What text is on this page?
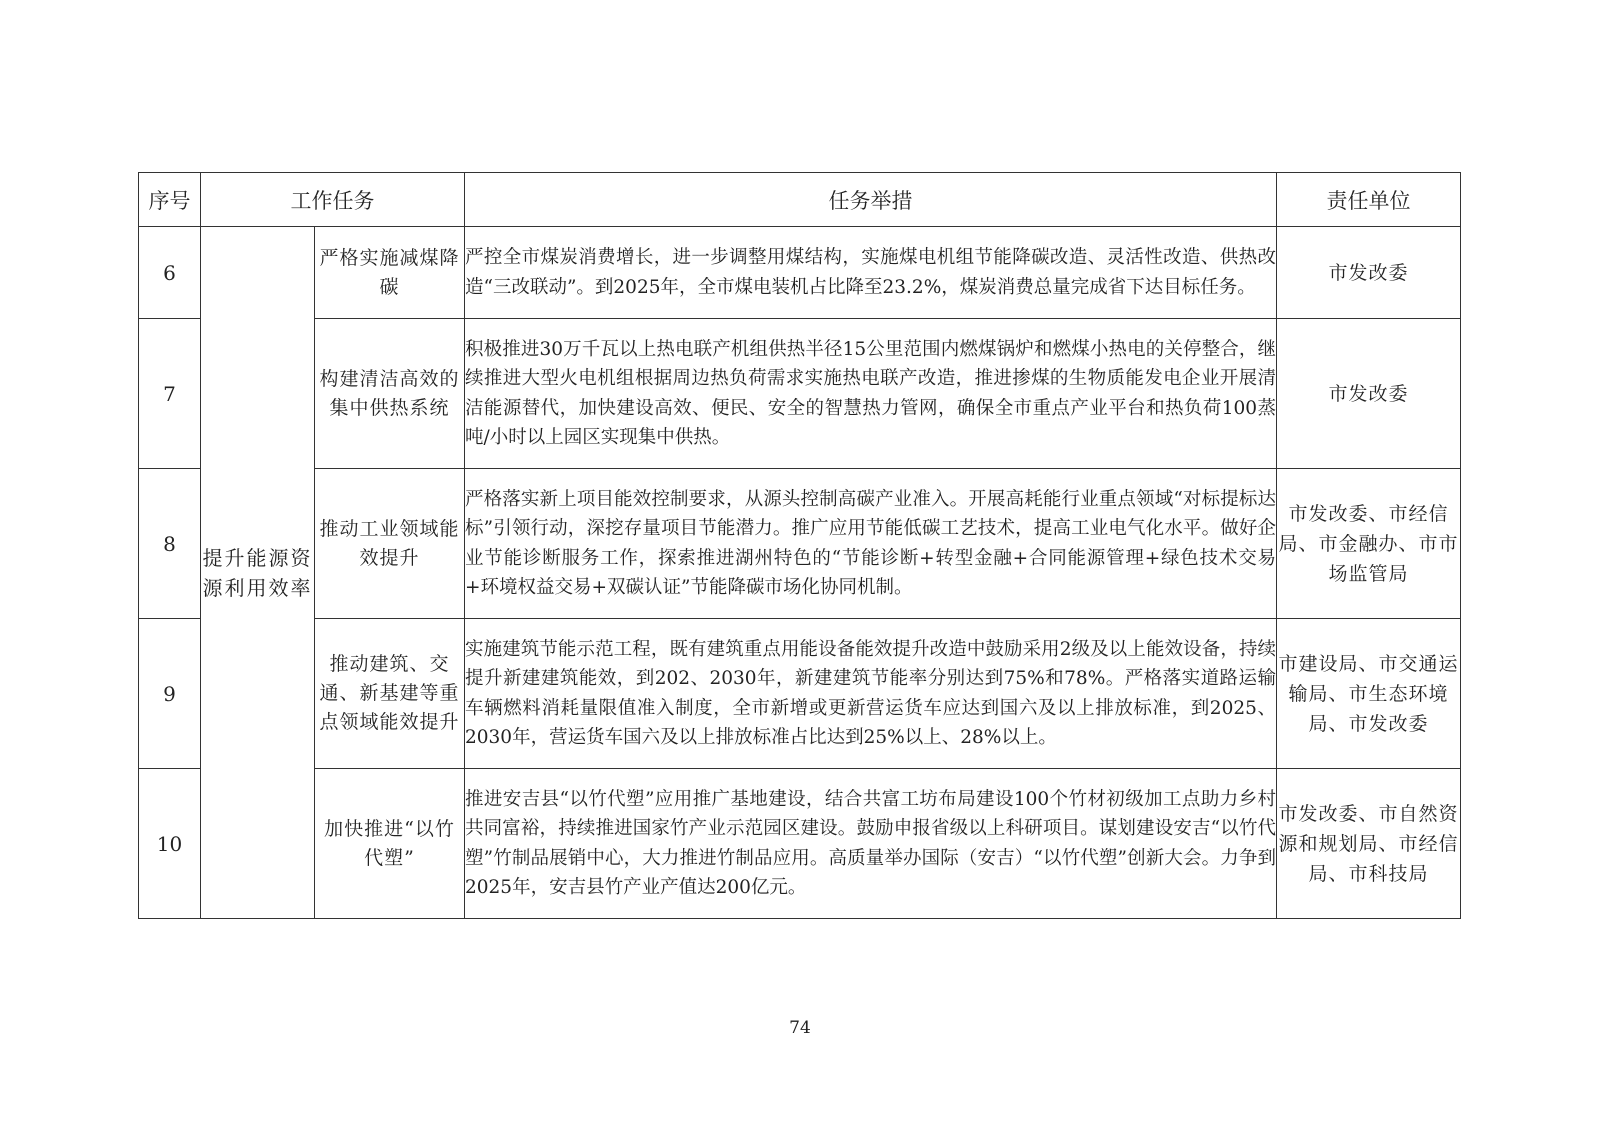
序号	工作任务		任务举措	责任单位
6	提升能源资源利用效率	严格实施减煤降碳	严控全市煤炭消费增长，进一步调整用煤结构，实施煤电机组节能降碳改造、灵活性改造、供热改造“三改联动”。到2025年，全市煤电装机占比降至23.2%，煤炭消费总量完成省下达目标任务。	市发改委
7		构建清洁高效的集中供热系统	积极推进30万千瓦以上热电联产机组供热半径15公里范围内燃煤锅炉和燃煤小热电的关停整合，继续推进大型火电机组根据周边热负荷需求实施热电联产改造，推进掺煤的生物质能发电企业开展清洁能源替代，加快建设高效、便民、安全的智慧热力管网，确保全市重点产业平台和热负荷100蒸吨/小时以上园区实现集中供热。	市发改委
8		推动工业领域能效提升	严格落实新上项目能效控制要求，从源头控制高碳产业准入。开展高耗能行业重点领域“对标提标达标”引领行动，深挖存量项目节能潜力。推广应用节能低碳工艺技术，提高工业电气化水平。做好企业节能诊断服务工作，探索推进湖州特色的“节能诊断+转型金融+合同能源管理+绿色技术交易+环境权益交易+双碳认证”节能降碳市场化协同机制。	市发改委、市经信局、市金融办、市市场监管局
9		推动建筑、交通、新基建等重点领域能效提升	实施建筑节能示范工程，既有建筑重点用能设备能效提升改造中鼓励采用2级及以上能效设备，持续提升新建建筑能效，到202、2030年，新建建筑节能率分别达到75%和78%。严格落实道路运输车辆燃料消耗量限值准入制度，全市新增或更新营运货车应达到国六及以上排放标准，到2025、2030年，营运货车国六及以上排放标准占比达到25%以上、28%以上。	市建设局、市交通运输局、市生态环境局、市发改委
10		加快推进“以竹代塑”	推进安吉县“以竹代塑”应用推广基地建设，结合共富工坊布局建设100个竹材初级加工点助力乡村共同富裕，持续推进国家竹产业示范园区建设。鼓励申报省级以上科研项目。谋划建设安吉“以竹代塑”竹制品展销中心，大力推进竹制品应用。高质量举办国际（安吉）“以竹代塑”创新大会。力争到2025年，安吉县竹产业产值达200亿元。	市发改委、市自然资源和规划局、市经信局、市科技局
74
